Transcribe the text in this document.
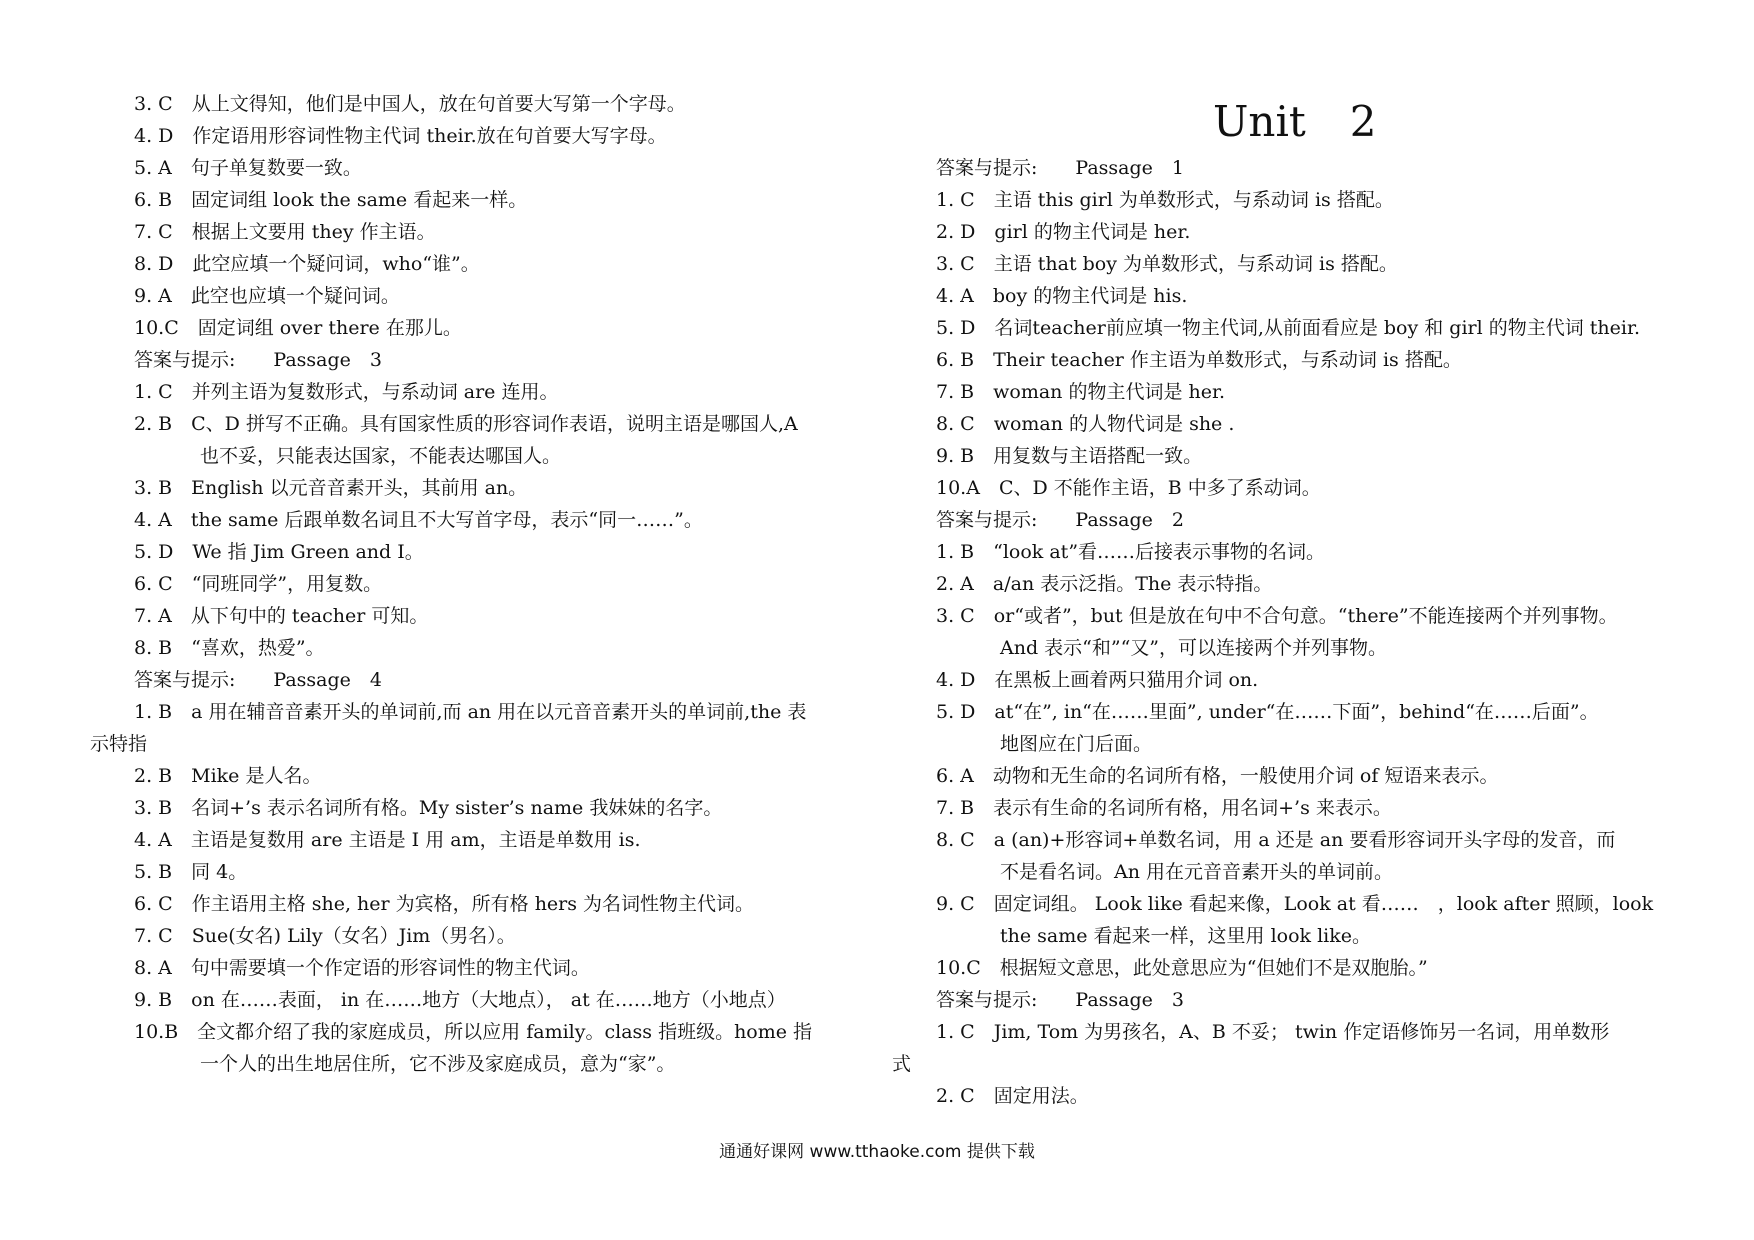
3. C　从上文得知，他们是中国人，放在句首要大写第一个字母。
4. D　作定语用形容词性物主代词 their.放在句首要大写字母。
5. A　句子单复数要一致。
6. B　固定词组 look the same 看起来一样。
7. C　根据上文要用 they 作主语。
8. D　此空应填一个疑问词，who“谁”。
9. A　此空也应填一个疑问词。
10.C　固定词组 over there 在那儿。
答案与提示:　　Passage　3
1. C　并列主语为复数形式，与系动词 are 连用。
2. B　C、D 拼写不正确。具有国家性质的形容词作表语，说明主语是哪国人,A
也不妥，只能表达国家，不能表达哪国人。
3. B　English 以元音音素开头，其前用 an。
4. A　the same 后跟单数名词且不大写首字母，表示“同一……”。
5. D　We 指 Jim Green and I。
6. C　“同班同学”，用复数。
7. A　从下句中的 teacher 可知。
8. B　“喜欢，热爱”。
答案与提示:　　Passage　4
1. B　a 用在辅音音素开头的单词前,而 an 用在以元音音素开头的单词前,the 表
示特指
2. B　Mike 是人名。
3. B　名词+’s 表示名词所有格。My sister’s name 我妹妹的名字。
4. A　主语是复数用 are 主语是 I 用 am，主语是单数用 is.
5. B　同 4。
6. C　作主语用主格 she, her 为宾格，所有格 hers 为名词性物主代词。
7. C　Sue(女名) Lily（女名）Jim（男名）。
8. A　句中需要填一个作定语的形容词性的物主代词。
9. B　on 在……表面， in 在……地方（大地点）， at 在……地方（小地点）
10.B　全文都介绍了我的家庭成员，所以应用 family。class 指班级。home 指
一个人的出生地居住所，它不涉及家庭成员，意为“家”。
Unit 2
答案与提示:　　Passage　1
1. C　主语 this girl 为单数形式，与系动词 is 搭配。
2. D　girl 的物主代词是 her.
3. C　主语 that boy 为单数形式，与系动词 is 搭配。
4. A　boy 的物主代词是 his.
5. D　名词teacher前应填一物主代词,从前面看应是 boy 和 girl 的物主代词 their.
6. B　Their teacher 作主语为单数形式，与系动词 is 搭配。
7. B　woman 的物主代词是 her.
8. C　woman 的人物代词是 she .
9. B　用复数与主语搭配一致。
10.A　C、D 不能作主语，B 中多了系动词。
答案与提示:　　Passage　2
1. B　“look at”看……后接表示事物的名词。
2. A　a/an 表示泛指。The 表示特指。
3. C　or“或者”，but 但是放在句中不合句意。“there”不能连接两个并列事物。
And 表示“和”“又”，可以连接两个并列事物。
4. D　在黑板上画着两只猫用介词 on.
5. D　at“在”, in“在……里面”, under“在……下面”，behind“在……后面”。
地图应在门后面。
6. A　动物和无生命的名词所有格，一般使用介词 of 短语来表示。
7. B　表示有生命的名词所有格，用名词+’s 来表示。
8. C　a (an)+形容词+单数名词，用 a 还是 an 要看形容词开头字母的发音，而
不是看名词。An 用在元音音素开头的单词前。
9. C　固定词组。 Look like 看起来像，Look at 看……　，look after 照顾，look
the same 看起来一样，这里用 look like。
10.C　根据短文意思，此处意思应为“但她们不是双胞胎。”
答案与提示:　　Passage　3
1. C　Jim, Tom 为男孩名，A、B 不妥； twin 作定语修饰另一名词，用单数形
式
2. C　固定用法。
通通好课网 www.tthaoke.com 提供下载
